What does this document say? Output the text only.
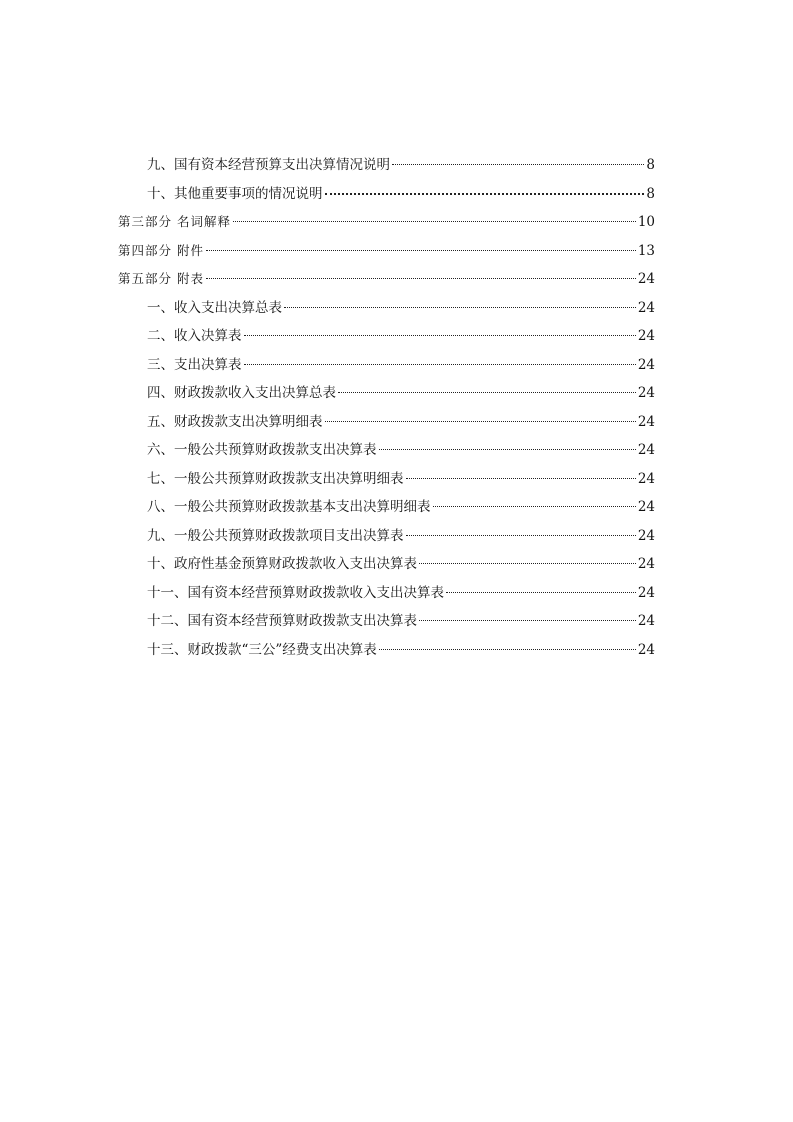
九、国有资本经营预算支出决算情况说明	8
十、其他重要事项的情况说明	8
第三部分 名词解释	10
第四部分 附件	13
第五部分 附表	24
一、收入支出决算总表	24
二、收入决算表	24
三、支出决算表	24
四、财政拨款收入支出决算总表	24
五、财政拨款支出决算明细表	24
六、一般公共预算财政拨款支出决算表	24
七、一般公共预算财政拨款支出决算明细表	24
八、一般公共预算财政拨款基本支出决算明细表	24
九、一般公共预算财政拨款项目支出决算表	24
十、政府性基金预算财政拨款收入支出决算表	24
十一、国有资本经营预算财政拨款收入支出决算表	24
十二、国有资本经营预算财政拨款支出决算表	24
十三、财政拨款“三公”经费支出决算表	24
